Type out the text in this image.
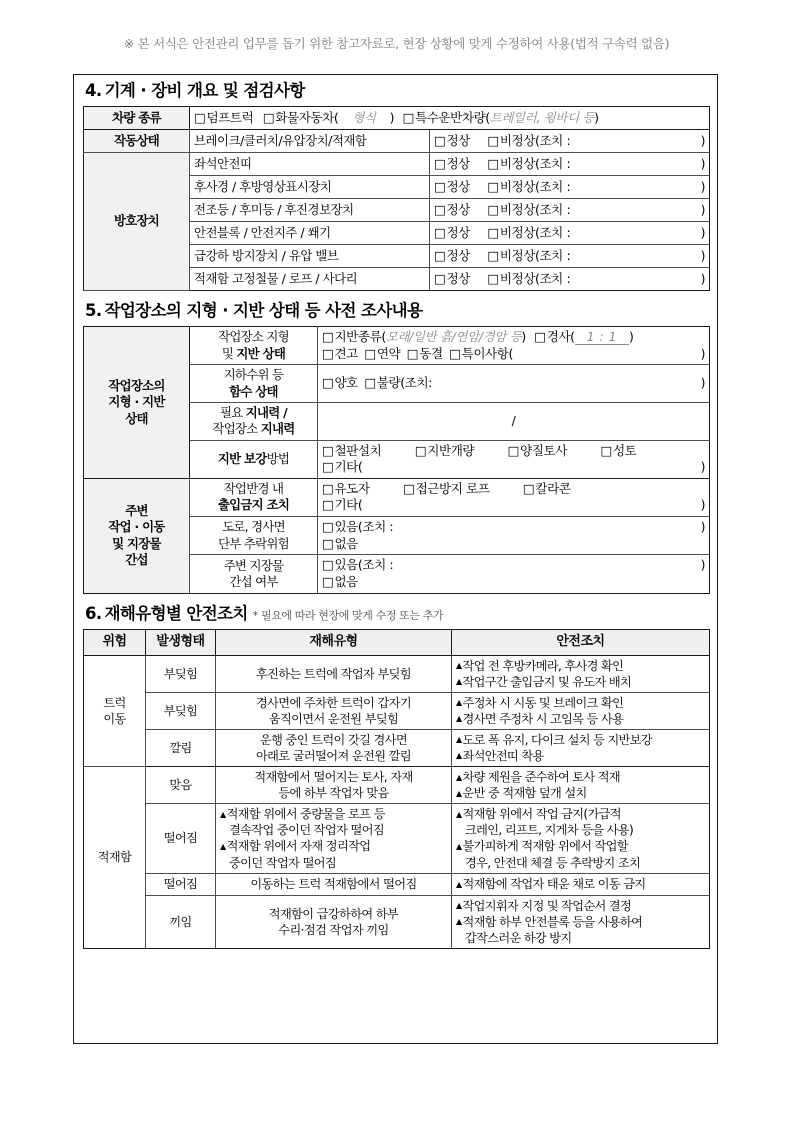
※ 본 서식은 안전관리 업무를 돕기 위한 참고자료로, 현장 상황에 맞게 수정하여 사용(법적 구속력 없음)
4. 기계 · 장비 개요 및 점검사항
차량 종류	□ 덤프트럭 □ 화물자동차( 형식 ) □ 특수운반차량(트레일러, 윙바디 등)
작동상태	브레이크/클러치/유압장치/적재함	□ 정상 □ 비정상(조치 : )

방호장치	좌석안전띠	□ 정상 □ 비정상(조치 : )

	후사경 / 후방영상표시장치	□ 정상 □ 비정상(조치 : )

	전조등 / 후미등 / 후진경보장치	□ 정상 □ 비정상(조치 : )

	안전블록 / 안전지주 / 쐐기	□ 정상 □ 비정상(조치 : )

	급강하 방지장치 / 유압 밸브	□ 정상 □ 비정상(조치 : )

	적재함 고정철물 / 로프 / 사다리	□ 정상 □ 비정상(조치 : )
5. 작업장소의 지형 · 지반 상태 등 사전 조사내용
작업장소의
지형 · 지반
상태	작업장소 지형
및 지반 상태	
□ 지반종류(모래/일반 흙/연암/경암 등) □ 경사( 1 : 1 )
□ 견고 □ 연약 □ 동결 □ 특이사항(	)

	지하수위 등
함수 상태	□ 양호 □ 불량(조치: )

	필요 지내력 /
작업장소 지내력	/
	지반 보강방법	□ 철판설치 □ 지반개량 □ 양질토사 □ 성토
□ 기타( )

주변
작업 · 이동
및 지장물
간섭	작업반경 내
출입금지 조치	
□ 유도자	□ 접근방지 로프	□ 칼라콘
□ 기타(	)

도로, 경사면
단부 추락위험	
□ 있음(조치 :	)
□ 없음

주변 지장물
간섭 여부	
□ 있음(조치 :	)
□ 없음
6. 재해유형별 안전조치 * 필요에 따라 현장에 맞게 수정 또는 추가
위험	발생형태	재해유형	안전조치
트럭
이동	부딪힘	후진하는 트럭에 작업자 부딪힘	▲작업 전 후방카메라, 후사경 확인
▲작업구간 출입금지 및 유도자 배치

	부딪힘	경사면에 주차한 트럭이 갑자기
움직이면서 운전원 부딪힘	▲주정차 시 시동 및 브레이크 확인
▲경사면 주정차 시 고임목 등 사용

	깔림	운행 중인 트럭이 갓길 경사면
아래로 굴러떨어져 운전원 깔림	▲도로 폭 유지, 다이크 설치 등 지반보강
▲좌석안전띠 착용

적재함	맞음	적재함에서 떨어지는 토사, 자재
등에 하부 작업자 맞음	▲차량 제원을 준수하여 토사 적재
▲운반 중 적재함 덮개 설치

	떨어짐	▲적재함 위에서 중량물을 로프 등
결속작업 중이던 작업자 떨어짐
▲적재함 위에서 자재 정리작업
중이던 작업자 떨어짐	▲적재함 위에서 작업 금지(가급적
크레인, 리프트, 지게차 등을 사용)
▲불가피하게 적재함 위에서 작업할
경우, 안전대 체결 등 추락방지 조치

	떨어짐	이동하는 트럭 적재함에서 떨어짐	▲적재함에 작업자 태운 채로 이동 금지

	끼임	적재함이 급강하하여 하부
수리·점검 작업자 끼임	▲작업지휘자 지정 및 작업순서 결정
▲적재함 하부 안전블록 등을 사용하여
갑작스러운 하강 방지
